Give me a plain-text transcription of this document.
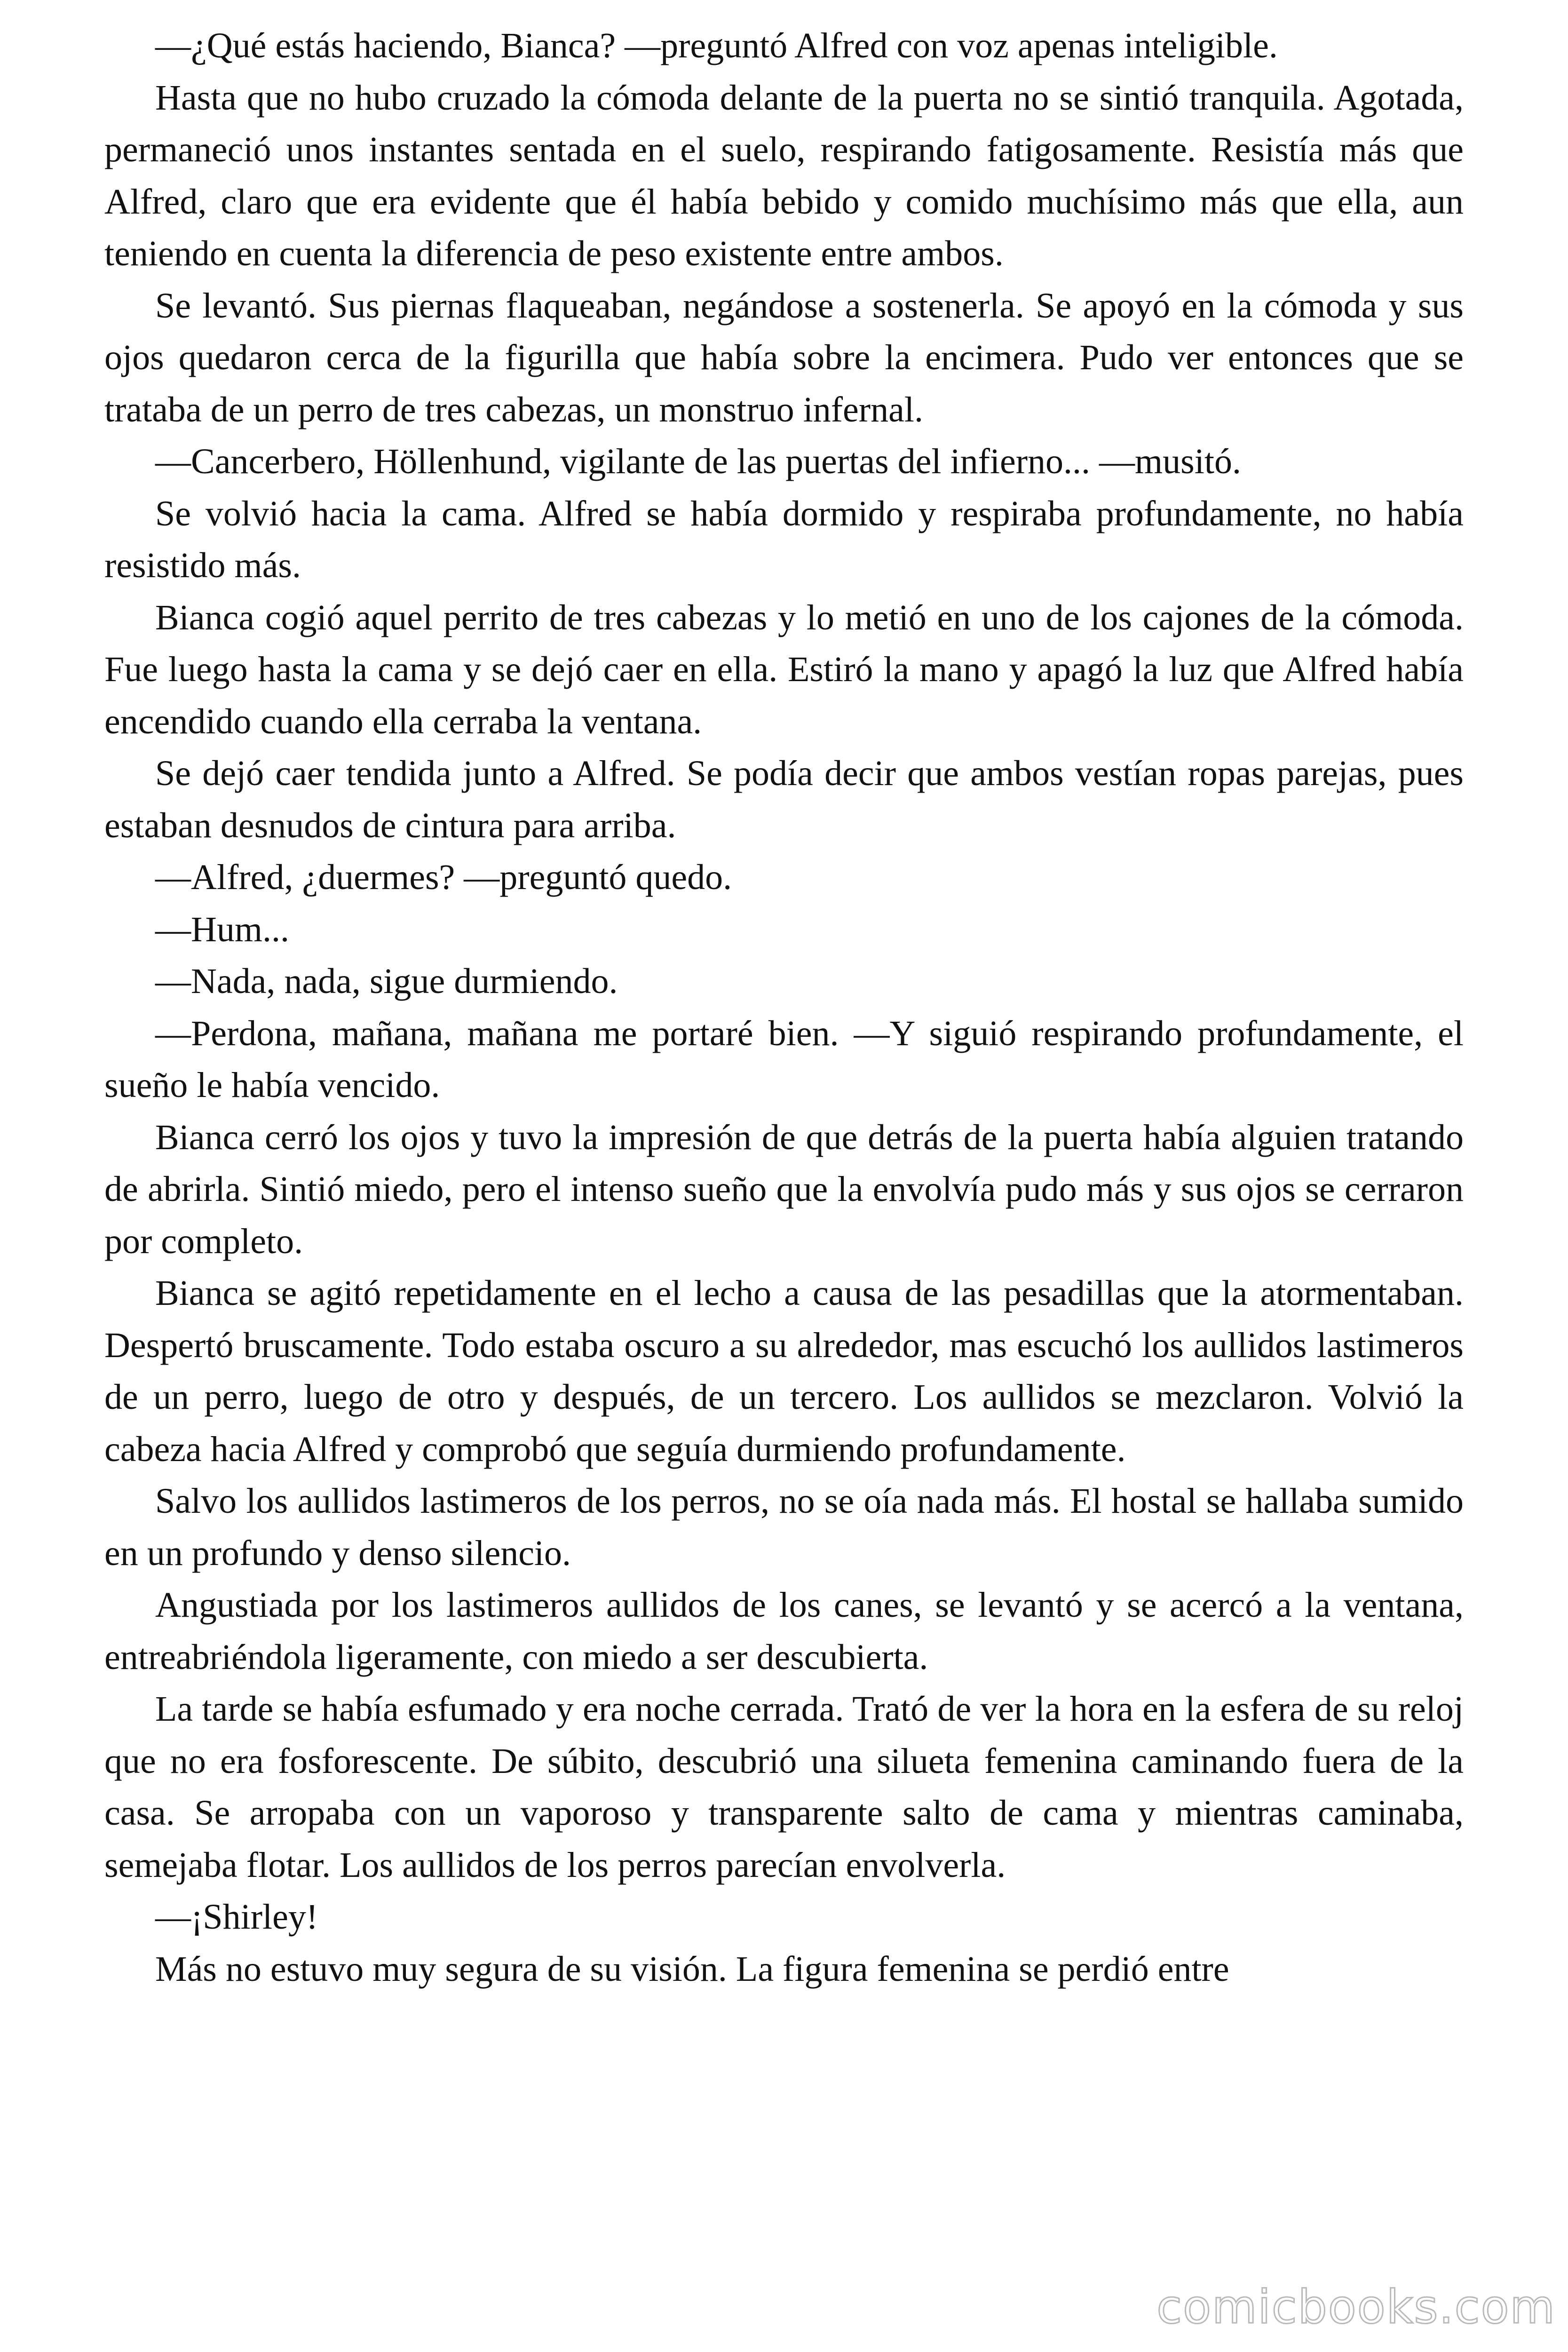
—¿Qué estás haciendo, Bianca? —preguntó Alfred con voz apenas inteligible.

Hasta que no hubo cruzado la cómoda delante de la puerta no se sintió tranquila. Agotada, permaneció unos instantes sentada en el suelo, respirando fatigosamente. Resistía más que Alfred, claro que era evidente que él había bebido y comido muchísimo más que ella, aun teniendo en cuenta la diferencia de peso existente entre ambos.

Se levantó. Sus piernas flaqueaban, negándose a sostenerla. Se apoyó en la cómoda y sus ojos quedaron cerca de la figurilla que había sobre la encimera. Pudo ver entonces que se trataba de un perro de tres cabezas, un monstruo infernal.

—Cancerbero, Höllenhund, vigilante de las puertas del infierno... —musitó.

Se volvió hacia la cama. Alfred se había dormido y respiraba profundamente, no había resistido más.

Bianca cogió aquel perrito de tres cabezas y lo metió en uno de los cajones de la cómoda. Fue luego hasta la cama y se dejó caer en ella. Estiró la mano y apagó la luz que Alfred había encendido cuando ella cerraba la ventana.

Se dejó caer tendida junto a Alfred. Se podía decir que ambos vestían ropas parejas, pues estaban desnudos de cintura para arriba.

—Alfred, ¿duermes? —preguntó quedo.

—Hum...

—Nada, nada, sigue durmiendo.

—Perdona, mañana, mañana me portaré bien. —Y siguió respirando profundamente, el sueño le había vencido.

Bianca cerró los ojos y tuvo la impresión de que detrás de la puerta había alguien tratando de abrirla. Sintió miedo, pero el intenso sueño que la envolvía pudo más y sus ojos se cerraron por completo.

Bianca se agitó repetidamente en el lecho a causa de las pesadillas que la atormentaban. Despertó bruscamente. Todo estaba oscuro a su alrededor, mas escuchó los aullidos lastimeros de un perro, luego de otro y después, de un tercero. Los aullidos se mezclaron. Volvió la cabeza hacia Alfred y comprobó que seguía durmiendo profundamente.

Salvo los aullidos lastimeros de los perros, no se oía nada más. El hostal se hallaba sumido en un profundo y denso silencio.

Angustiada por los lastimeros aullidos de los canes, se levantó y se acercó a la ventana, entreabriéndola ligeramente, con miedo a ser descubierta.

La tarde se había esfumado y era noche cerrada. Trató de ver la hora en la esfera de su reloj que no era fosforescente. De súbito, descubrió una silueta femenina caminando fuera de la casa. Se arropaba con un vaporoso y transparente salto de cama y mientras caminaba, semejaba flotar. Los aullidos de los perros parecían envolverla.

—¡Shirley!

Más no estuvo muy segura de su visión. La figura femenina se perdió entre

comicbooks.com
